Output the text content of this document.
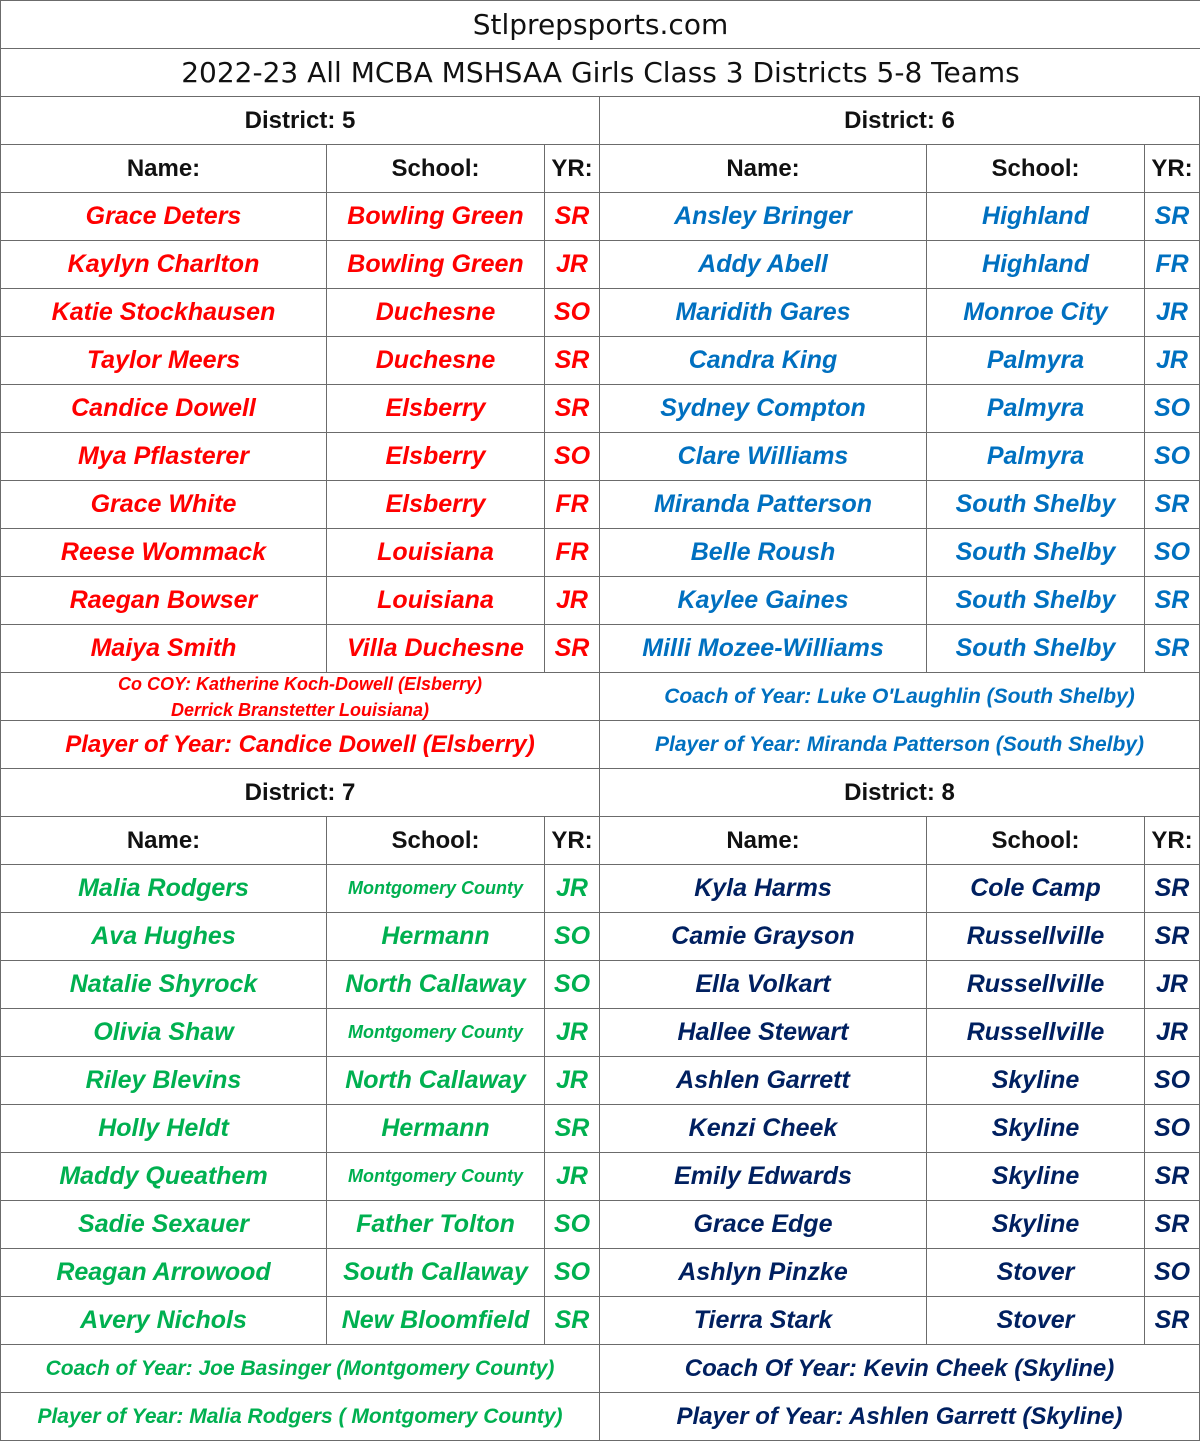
Stlprepsports.com
2022-23 All MCBA MSHSAA Girls Class 3 Districts 5-8 Teams
District: 5
Name:	School:	YR:
Grace Deters	Bowling Green	SR
Kaylyn Charlton	Bowling Green	JR
Katie Stockhausen	Duchesne	SO
Taylor Meers	Duchesne	SR
Candice Dowell	Elsberry	SR
Mya Pflasterer	Elsberry	SO
Grace White	Elsberry	FR
Reese Wommack	Louisiana	FR
Raegan Bowser	Louisiana	JR
Maiya Smith	Villa Duchesne	SR
Co COY: Katherine Koch-Dowell (Elsberry)
Derrick Branstetter Louisiana)
Player of Year: Candice Dowell (Elsberry)
District: 6
Name:	School:	YR:
Ansley Bringer	Highland	SR
Addy Abell	Highland	FR
Maridith Gares	Monroe City	JR
Candra King	Palmyra	JR
Sydney Compton	Palmyra	SO
Clare Williams	Palmyra	SO
Miranda Patterson	South Shelby	SR
Belle Roush	South Shelby	SO
Kaylee Gaines	South Shelby	SR
Milli Mozee-Williams	South Shelby	SR
Coach of Year: Luke O'Laughlin (South Shelby)
Player of Year: Miranda Patterson (South Shelby)
District: 7
Name:	School:	YR:
Malia Rodgers	Montgomery County	JR
Ava Hughes	Hermann	SO
Natalie Shyrock	North Callaway	SO
Olivia Shaw	Montgomery County	JR
Riley Blevins	North Callaway	JR
Holly Heldt	Hermann	SR
Maddy Queathem	Montgomery County	JR
Sadie Sexauer	Father Tolton	SO
Reagan Arrowood	South Callaway	SO
Avery Nichols	New Bloomfield	SR
Coach of Year: Joe Basinger (Montgomery County)
Player of Year: Malia Rodgers ( Montgomery County)
District: 8
Name:	School:	YR:
Kyla Harms	Cole Camp	SR
Camie Grayson	Russellville	SR
Ella Volkart	Russellville	JR
Hallee Stewart	Russellville	JR
Ashlen Garrett	Skyline	SO
Kenzi Cheek	Skyline	SO
Emily Edwards	Skyline	SR
Grace Edge	Skyline	SR
Ashlyn Pinzke	Stover	SO
Tierra Stark	Stover	SR
Coach Of Year: Kevin Cheek (Skyline)
Player of Year: Ashlen Garrett (Skyline)
